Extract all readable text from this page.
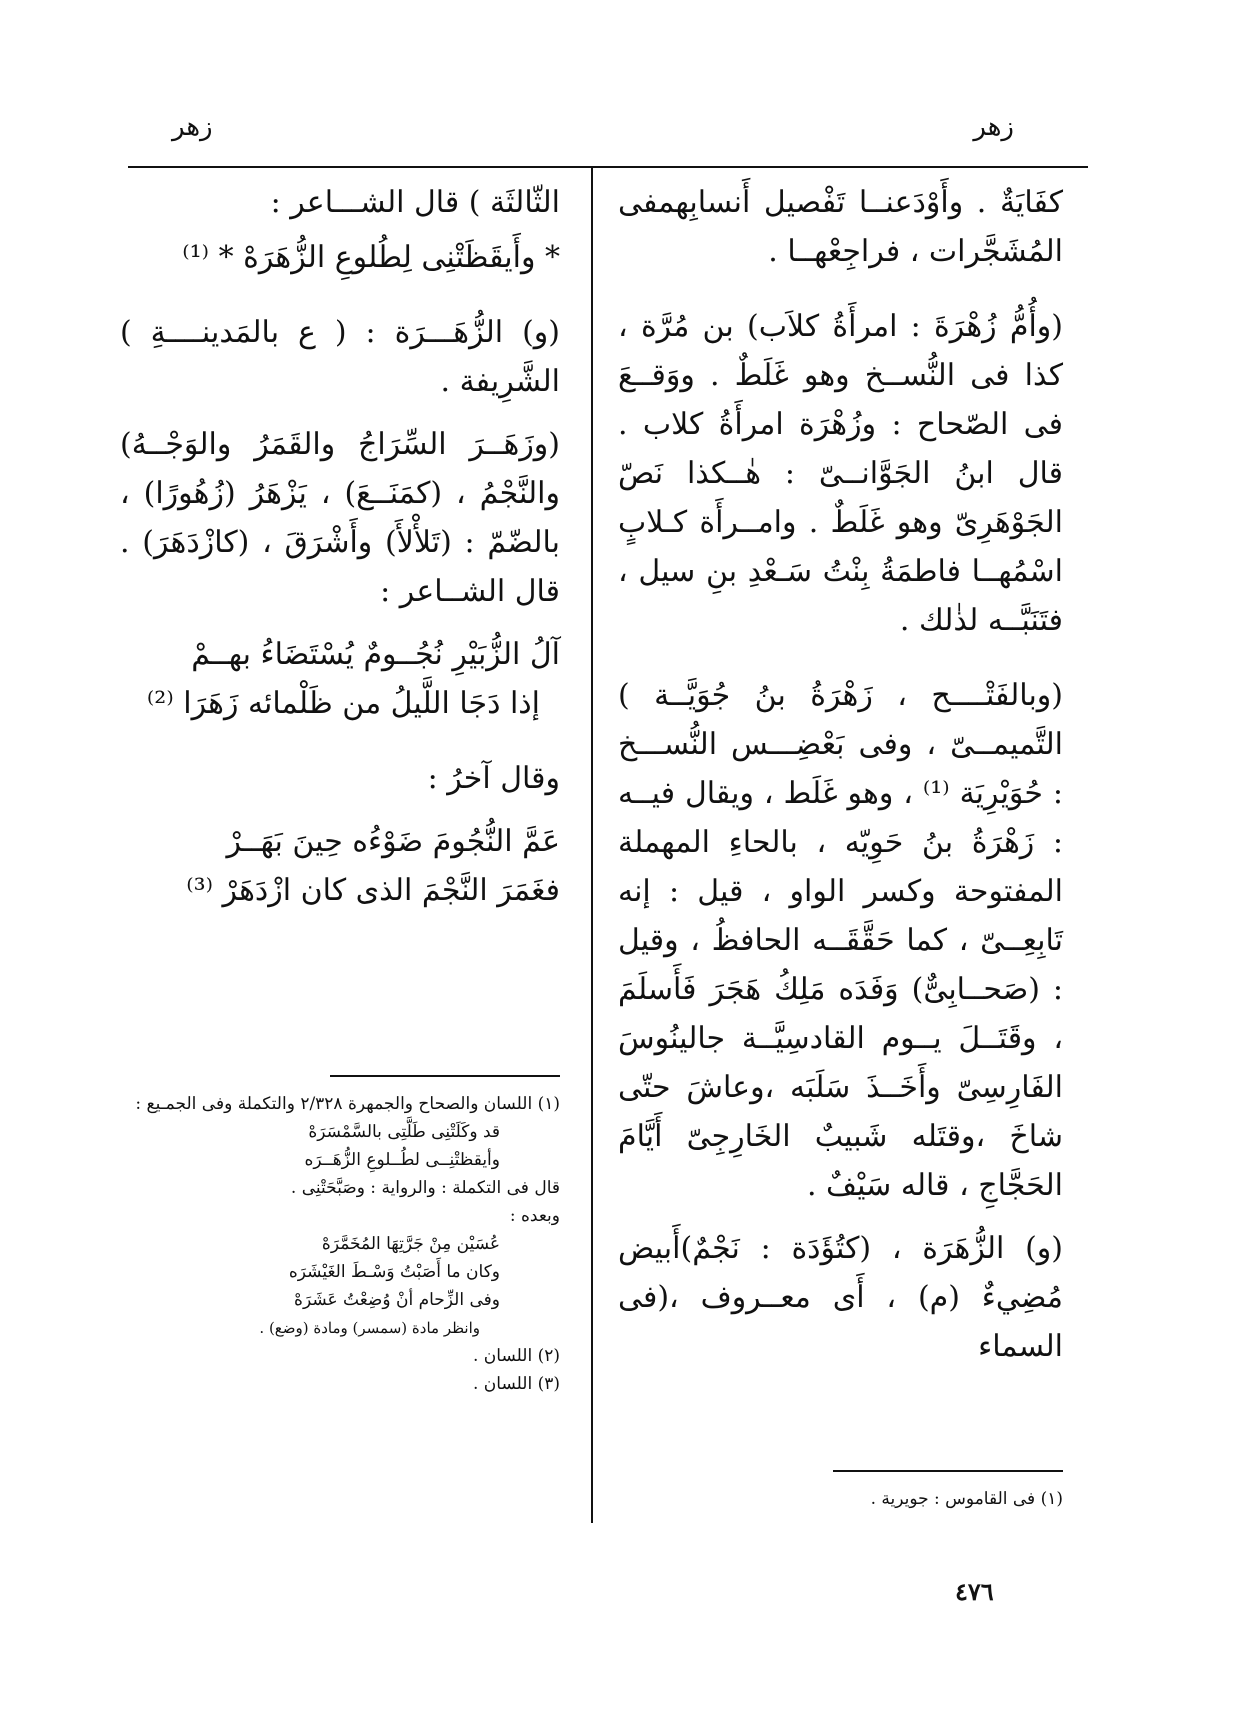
زهر
زهر

كفَايَةٌ . وأَوْدَعنــا تَفْصيل أَنسابِهمفى المُشَجَّرات ، فراجِعْهــا .

(وأُمُّ زُهْرَةَ : امرأَةُ كلاَب) بن مُرَّة ، كذا فى النُّســخ وهو غَلَطٌ . ووَقــعَ فى الصّحاح : وزُهْرَة امرأَةُ كلاب . قال ابنُ الجَوَّانــىّ : هٰــكذا نَصّ الجَوْهَرِىّ وهو غَلَطٌ . وامــرأَة كـلابٍ اسْمُهــا فاطمَةُ بِنْتُ سَـعْدِ بنِ سيل ، فتَنَبَّــه لذٰلك .

(وبالفَتْــــح ، زَهْرَةُ بنُ جُوَيَّــة ) التَّميمــىّ ، وفى بَعْضِـــس النُّســـخ : حُوَيْرِيَة ⁽¹⁾ ، وهو غَلَط ، ويقال فيــه : زَهْرَةُ بنُ حَوِيّه ، بالحاءِ المهملة المفتوحة وكسر الواو ، قيل : إنه تَابِعِــىّ ، كما حَقَّقَــه الحافظُ ، وقيل : (صَحــابِىٌّ) وَفَدَه مَلِكُ هَجَرَ فَأَسلَمَ ، وقَتَــلَ يــوم القادسِيَّــة جالينُوسَ الفَارِسِىّ وأَخَــذَ سَلَبَه ،وعاشَ حتّى شاخَ ،وقتَله شَبيبٌ الخَارِجِىّ أَيَّامَ الحَجَّاجِ ، قاله سَيْفٌ .

(و) الزُّهَرَة ، (كتُؤَدَة : نَجْمٌ)أَبيض مُضِيءٌ (م) ، أَى معــروف ،(فى السماء

(١) فى القاموس : جويرية .

الثّالثَة ) قال الشـــاعر :

* وأَيقَظَتْنِى لِطُلوعِ الزُّهَرَهْ * ⁽¹⁾

(و) الزُّهَـــرَة : ( ع بالمَدينــــةِ ) الشَّرِيفة .

(وزَهَــرَ السِّرَاجُ والقَمَرُ والوَجْــهُ) والنَّجْمُ ، (كمَنَــعَ) ، يَزْهَرُ (زُهُورًا) ، بالضّمّ : (تَلأْلأَ) وأَشْرَقَ ، (كازْدَهَرَ) . قال الشــاعر :

آلُ الزُّبَيْرِ نُجُــومٌ يُسْتَضَاءُ بهــمْ

إذا دَجَا اللَّيلُ من ظَلْمائه زَهَرَا ⁽²⁾

وقال آخرُ :

عَمَّ النُّجُومَ ضَوْءُه حِينَ بَهَــرْ

فغَمَرَ النَّجْمَ الذى كان ازْدَهَرْ ⁽³⁾

(١) اللسان والصحاح والجمهرة ٢/٣٢٨ والتكملة وفى الجمـيع :
قد وكَلَتْنِى طَلَّتِى بالسَّمْسَرَهْ
وأيقظتْنِــى لطُــلوعِ الزُّهَــرَه
قال فى التكملة : والرواية : وصَبَّحَتْنِى .
وبعده :
عُسَيْن مِنْ جَرَّتِهَا المُخَمَّرَهْ
وكان ما أَصَبْتُ وَسْـطَ الغَيْشَرَه
وفى الزِّحام أنْ وُضِعْتُ عَشَرَهْ
وانظر مادة (سمسر) ومادة (وضع) .
(٢) اللسان .
(٣) اللسان .
٤٧٦
